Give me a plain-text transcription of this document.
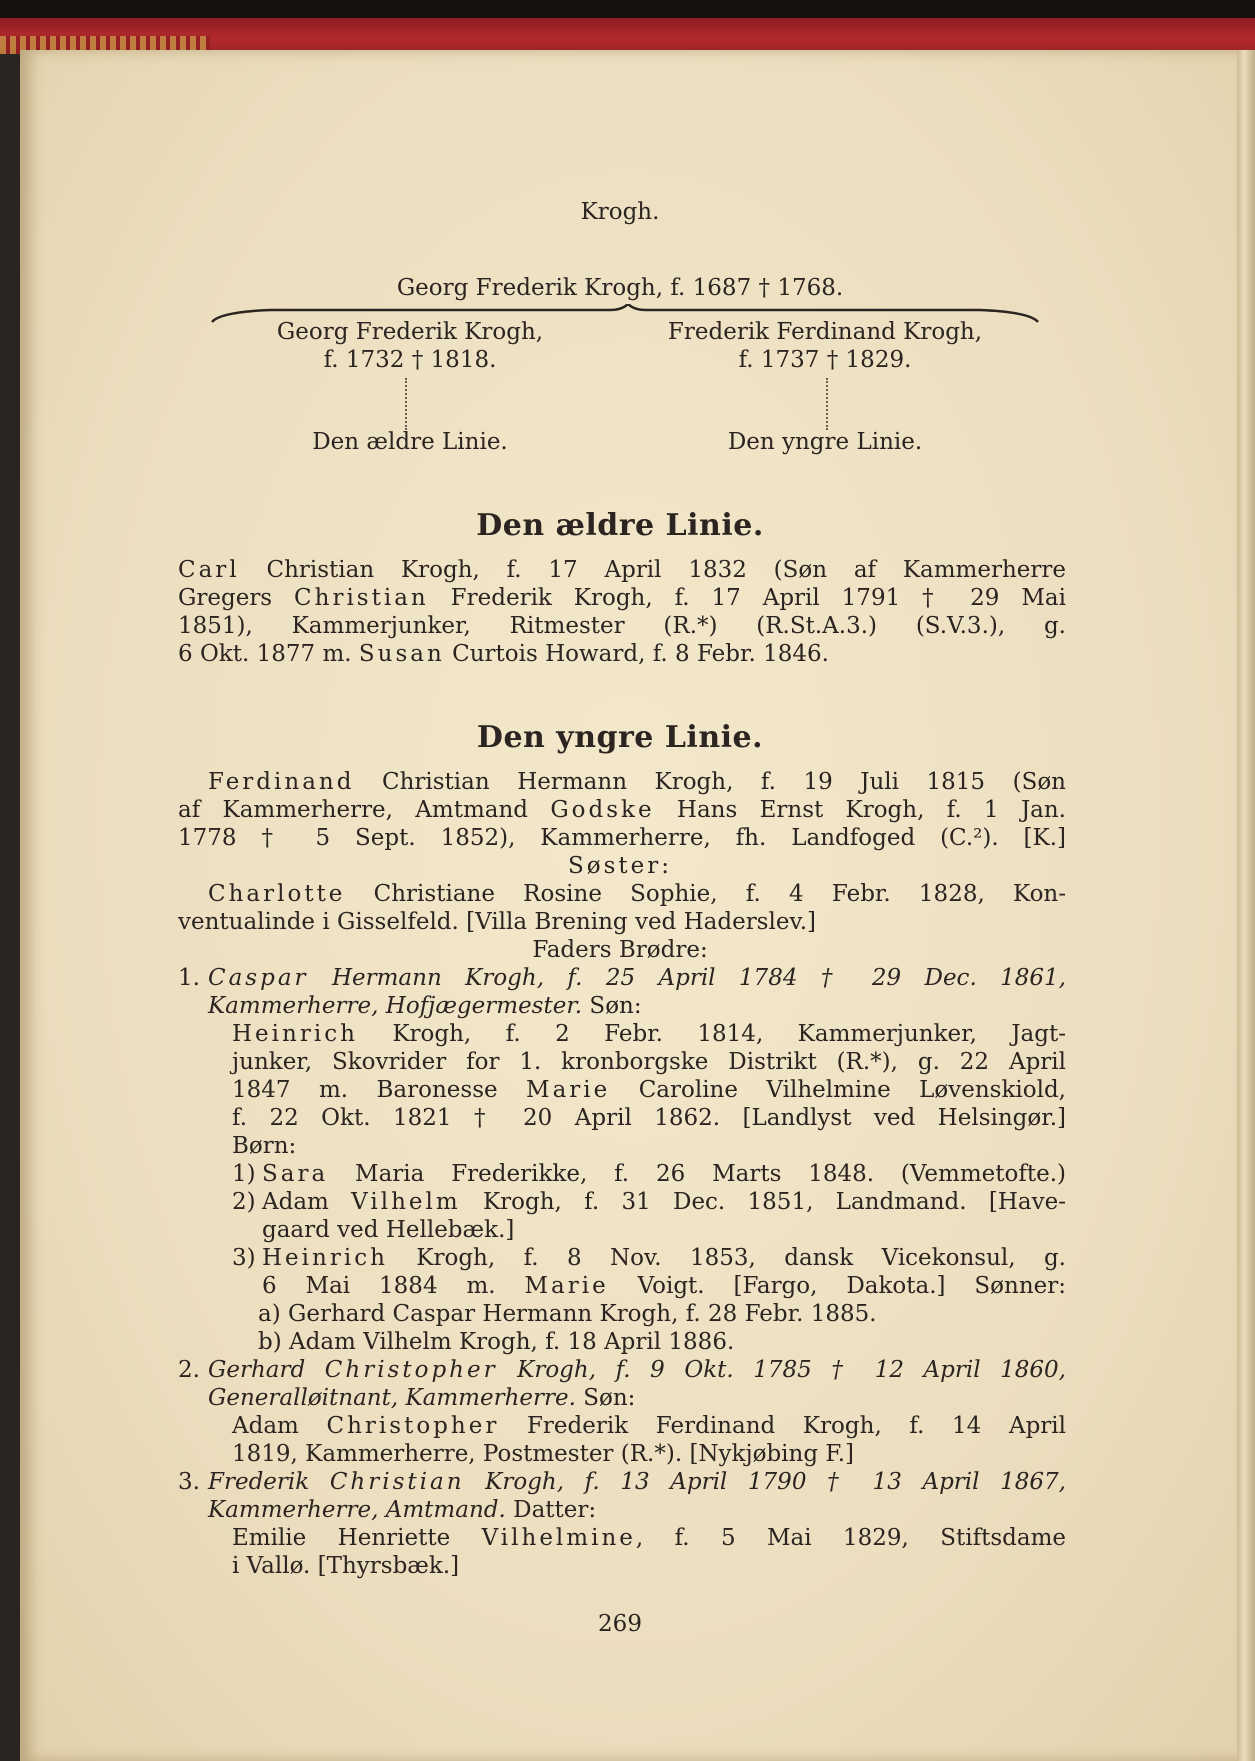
Krogh.
Georg Frederik Krogh, f. 1687 † 1768.
Georg Frederik Krogh,
f. 1732 † 1818.
Frederik Ferdinand Krogh,
f. 1737 † 1829.
Den ældre Linie.	Den yngre Linie.
Den ældre Linie.
Carl Christian Krogh, f. 17 April 1832 (Søn af Kammerherre
Gregers Christian Frederik Krogh, f. 17 April 1791 † 29 Mai
1851), Kammerjunker, Ritmester (R.*) (R.St.A.3.) (S.V.3.), g.
6 Okt. 1877 m. Susan Curtois Howard, f. 8 Febr. 1846.
Den yngre Linie.
Ferdinand Christian Hermann Krogh, f. 19 Juli 1815 (Søn
af Kammerherre, Amtmand Godske Hans Ernst Krogh, f. 1 Jan.
1778 † 5 Sept. 1852), Kammerherre, fh. Landfoged (C.²). [K.]
Søster:
Charlotte Christiane Rosine Sophie, f. 4 Febr. 1828, Kon-
ventualinde i Gisselfeld. [Villa Brening ved Haderslev.]
Faders Brødre:
1. Caspar Hermann Krogh, f. 25 April 1784 † 29 Dec. 1861,
Kammerherre, Hofjægermester. Søn:
Heinrich Krogh, f. 2 Febr. 1814, Kammerjunker, Jagt-
junker, Skovrider for 1. kronborgske Distrikt (R.*), g. 22 April
1847 m. Baronesse Marie Caroline Vilhelmine Løvenskiold,
f. 22 Okt. 1821 † 20 April 1862. [Landlyst ved Helsingør.]
Børn:
1) Sara Maria Frederikke, f. 26 Marts 1848. (Vemmetofte.)
2) Adam Vilhelm Krogh, f. 31 Dec. 1851, Landmand. [Have-
gaard ved Hellebæk.]
3) Heinrich Krogh, f. 8 Nov. 1853, dansk Vicekonsul, g.
6 Mai 1884 m. Marie Voigt. [Fargo, Dakota.] Sønner:
a) Gerhard Caspar Hermann Krogh, f. 28 Febr. 1885.
b) Adam Vilhelm Krogh, f. 18 April 1886.
2. Gerhard Christopher Krogh, f. 9 Okt. 1785 † 12 April 1860,
Generalløitnant, Kammerherre. Søn:
Adam Christopher Frederik Ferdinand Krogh, f. 14 April
1819, Kammerherre, Postmester (R.*). [Nykjøbing F.]
3. Frederik Christian Krogh, f. 13 April 1790 † 13 April 1867,
Kammerherre, Amtmand. Datter:
Emilie Henriette Vilhelmine, f. 5 Mai 1829, Stiftsdame
i Vallø. [Thyrsbæk.]
269
